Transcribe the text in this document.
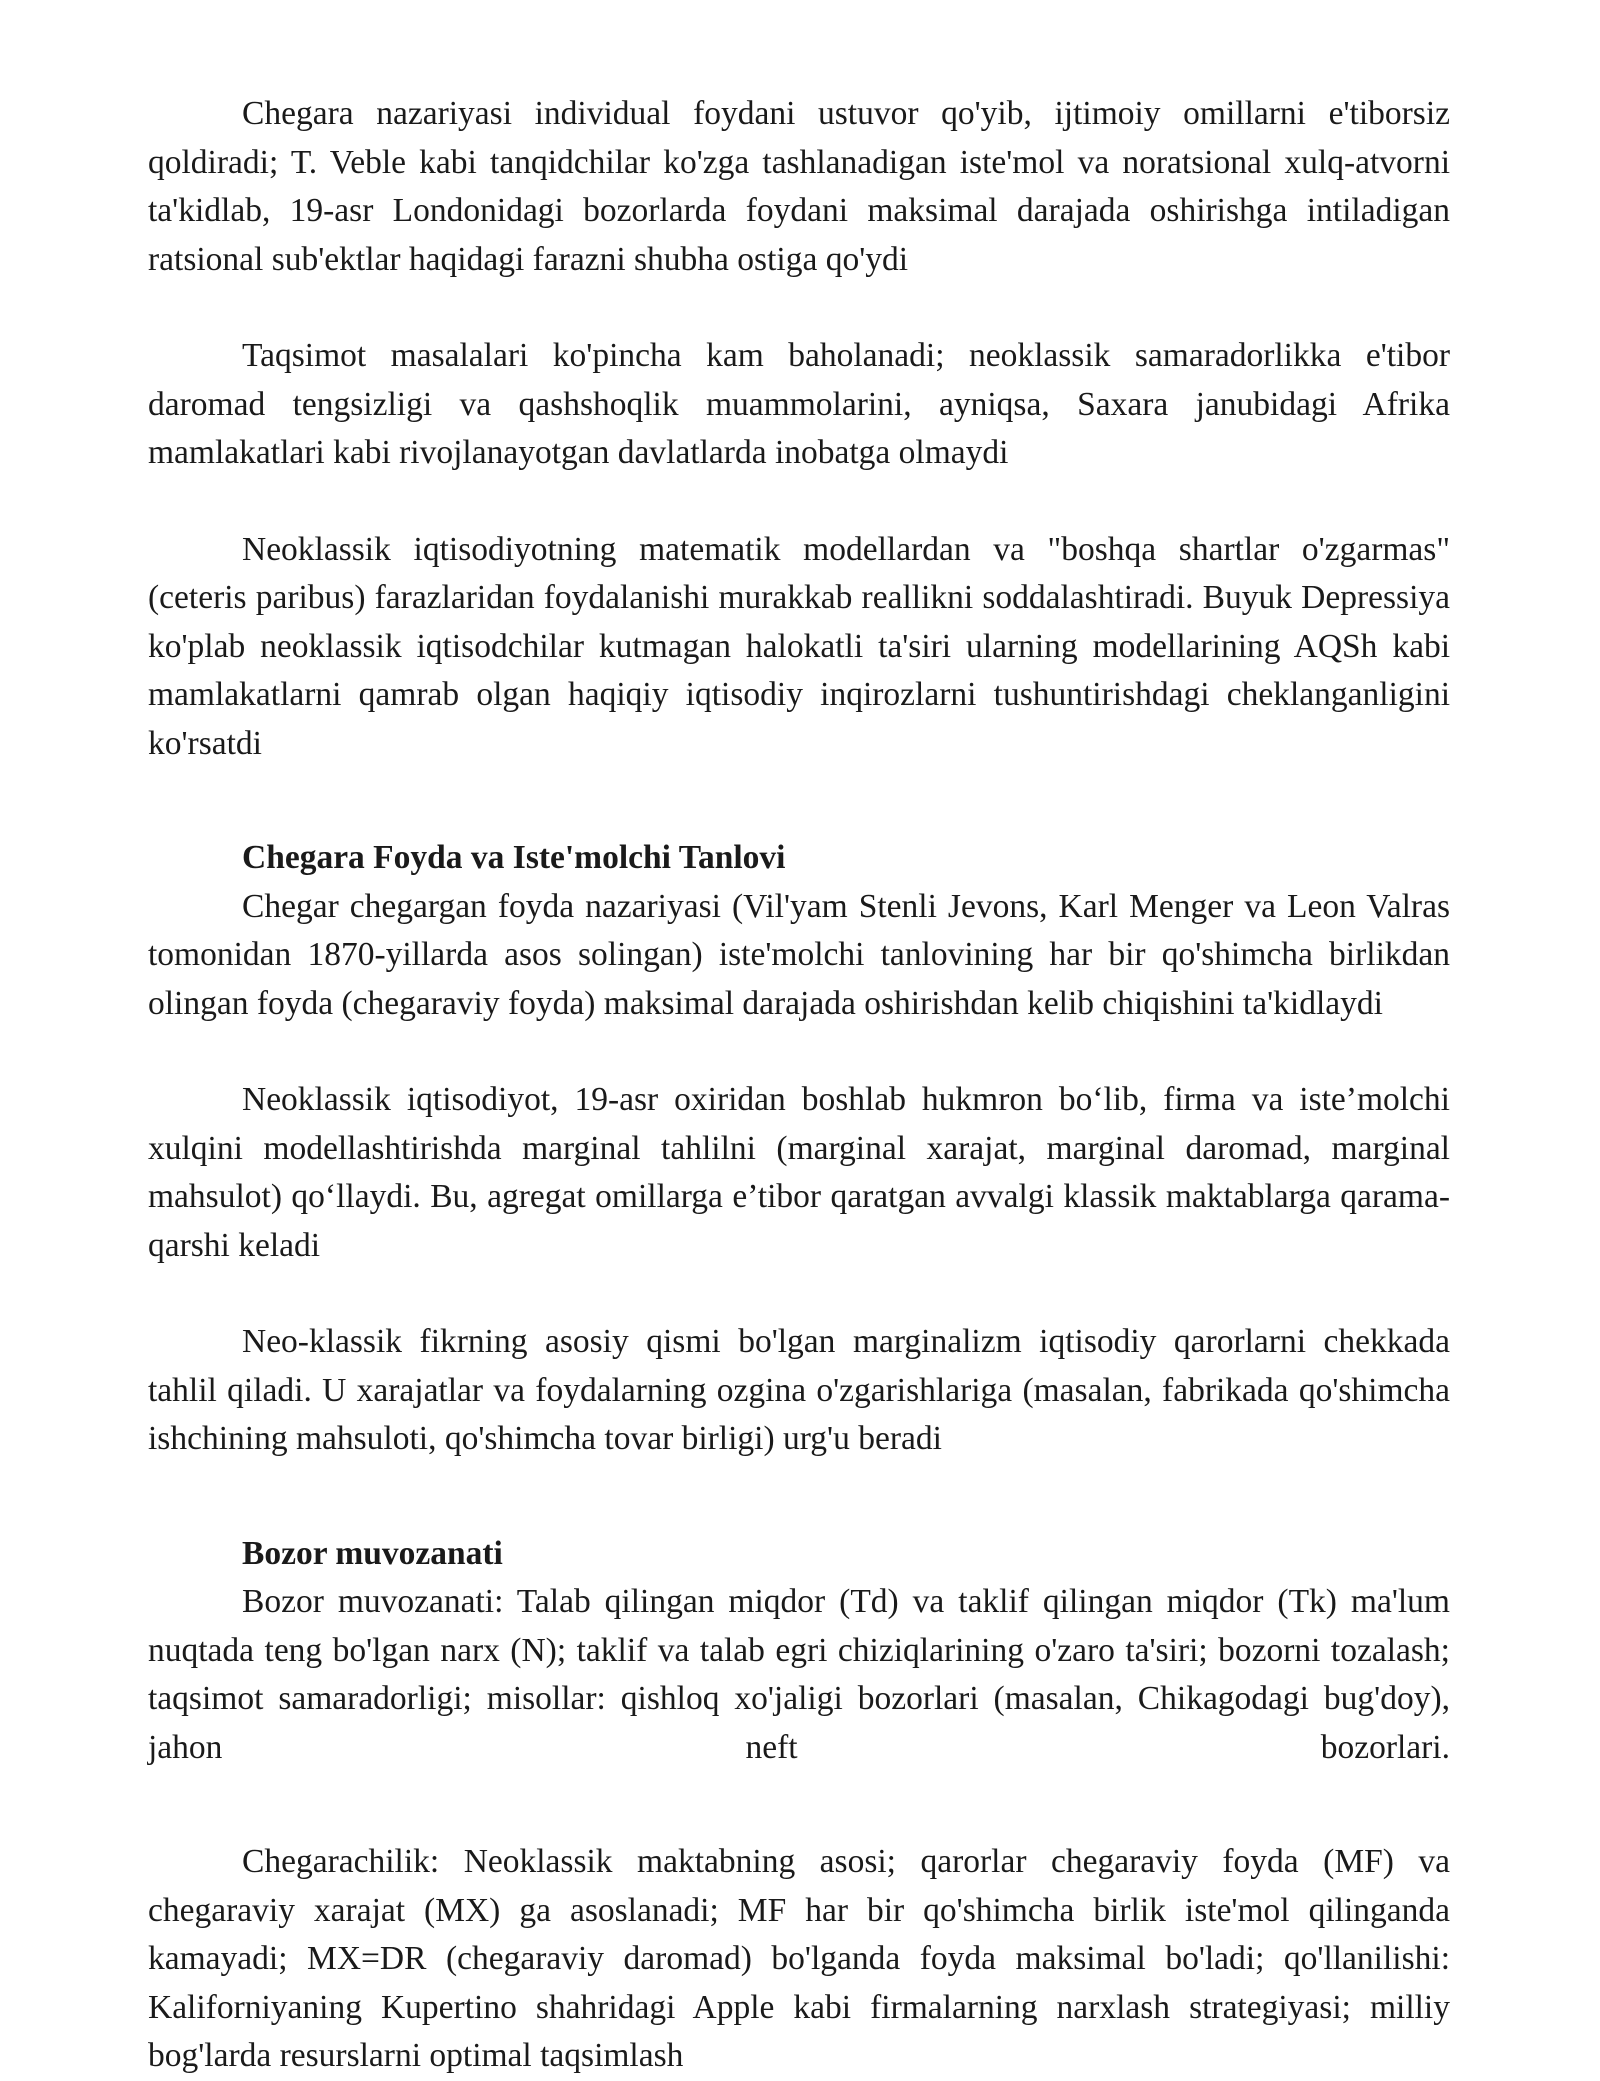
Chegara nazariyasi individual foydani ustuvor qo'yib, ijtimoiy omillarni e'tiborsiz qoldiradi; T. Veble kabi tanqidchilar ko'zga tashlanadigan iste'mol va noratsional xulq-atvorni ta'kidlab, 19-asr Londonidagi bozorlarda foydani maksimal darajada oshirishga intiladigan ratsional sub'ektlar haqidagi farazni shubha ostiga qo'ydi

Taqsimot masalalari ko'pincha kam baholanadi; neoklassik samaradorlikka e'tibor daromad tengsizligi va qashshoqlik muammolarini, ayniqsa, Saxara janubidagi Afrika mamlakatlari kabi rivojlanayotgan davlatlarda inobatga olmaydi

Neoklassik iqtisodiyotning matematik modellardan va "boshqa shartlar o'zgarmas" (ceteris paribus) farazlaridan foydalanishi murakkab reallikni soddalashtiradi. Buyuk Depressiya ko'plab neoklassik iqtisodchilar kutmagan halokatli ta'siri ularning modellarining AQSh kabi mamlakatlarni qamrab olgan haqiqiy iqtisodiy inqirozlarni tushuntirishdagi cheklanganligini ko'rsatdi

Chegara Foyda va Iste'molchi Tanlovi

Chegar chegargan foyda nazariyasi (Vil'yam Stenli Jevons, Karl Menger va Leon Valras tomonidan 1870-yillarda asos solingan) iste'molchi tanlovining har bir qo'shimcha birlikdan olingan foyda (chegaraviy foyda) maksimal darajada oshirishdan kelib chiqishini ta'kidlaydi

Neoklassik iqtisodiyot, 19-asr oxiridan boshlab hukmron bo‘lib, firma va iste’molchi xulqini modellashtirishda marginal tahlilni (marginal xarajat, marginal daromad, marginal mahsulot) qo‘llaydi. Bu, agregat omillarga e’tibor qaratgan avvalgi klassik maktablarga qarama-qarshi keladi

Neo-klassik fikrning asosiy qismi bo'lgan marginalizm iqtisodiy qarorlarni chekkada tahlil qiladi. U xarajatlar va foydalarning ozgina o'zgarishlariga (masalan, fabrikada qo'shimcha ishchining mahsuloti, qo'shimcha tovar birligi) urg'u beradi

Bozor muvozanati

Bozor muvozanati: Talab qilingan miqdor (Td) va taklif qilingan miqdor (Tk) ma'lum nuqtada teng bo'lgan narx (N); taklif va talab egri chiziqlarining o'zaro ta'siri; bozorni tozalash; taqsimot samaradorligi; misollar: qishloq xo'jaligi bozorlari (masalan, Chikagodagi bug'doy), jahon neft bozorlari.

Chegarachilik: Neoklassik maktabning asosi; qarorlar chegaraviy foyda (MF) va chegaraviy xarajat (MX) ga asoslanadi; MF har bir qo'shimcha birlik iste'mol qilinganda kamayadi; MX=DR (chegaraviy daromad) bo'lganda foyda maksimal bo'ladi; qo'llanilishi: Kaliforniyaning Kupertino shahridagi Apple kabi firmalarning narxlash strategiyasi; milliy bog'larda resurslarni optimal taqsimlash
